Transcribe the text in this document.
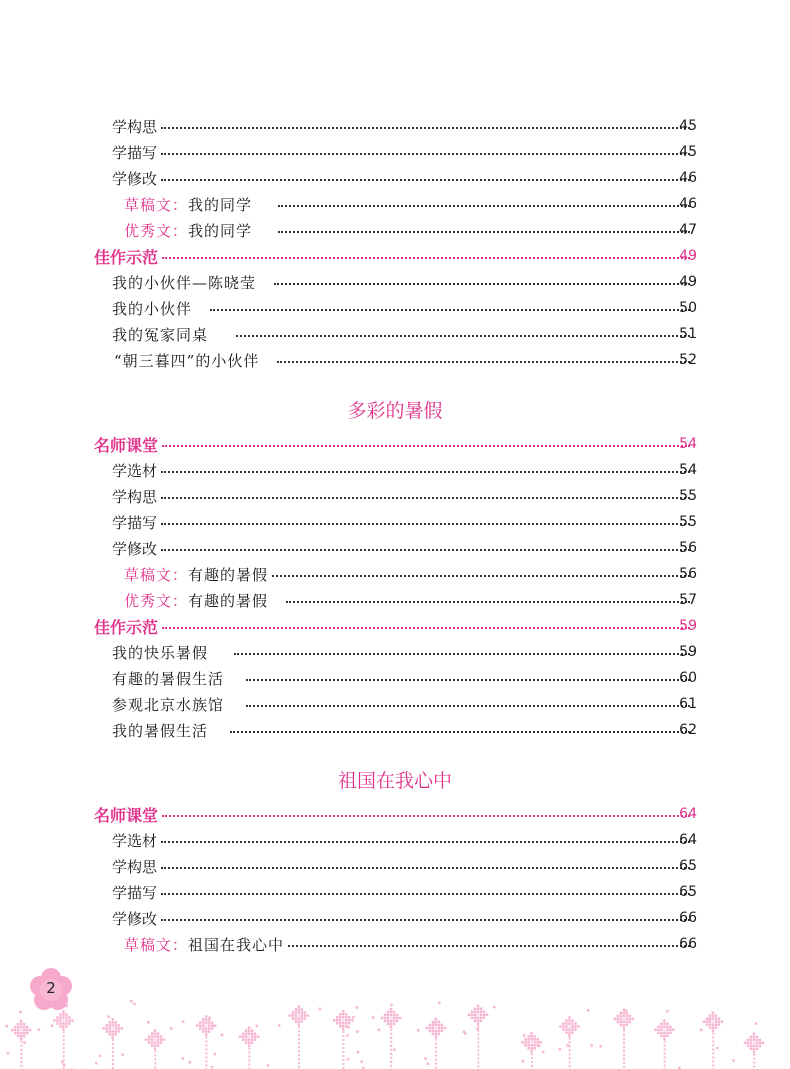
学构思	45
学描写	45
学修改	46
草稿文：我的同学	46
优秀文：我的同学	47
佳作示范	49
我的小伙伴—陈晓莹	49
我的小伙伴	50
我的冤家同桌	51
“朝三暮四”的小伙伴	52
多彩的暑假
名师课堂	54
学选材	54
学构思	55
学描写	55
学修改	56
草稿文：有趣的暑假	56
优秀文：有趣的暑假	57
佳作示范	59
我的快乐暑假	59
有趣的暑假生活	60
参观北京水族馆	61
我的暑假生活	62
祖国在我心中
名师课堂	64
学选材	64
学构思	65
学描写	65
学修改	66
草稿文：祖国在我心中	66
2
